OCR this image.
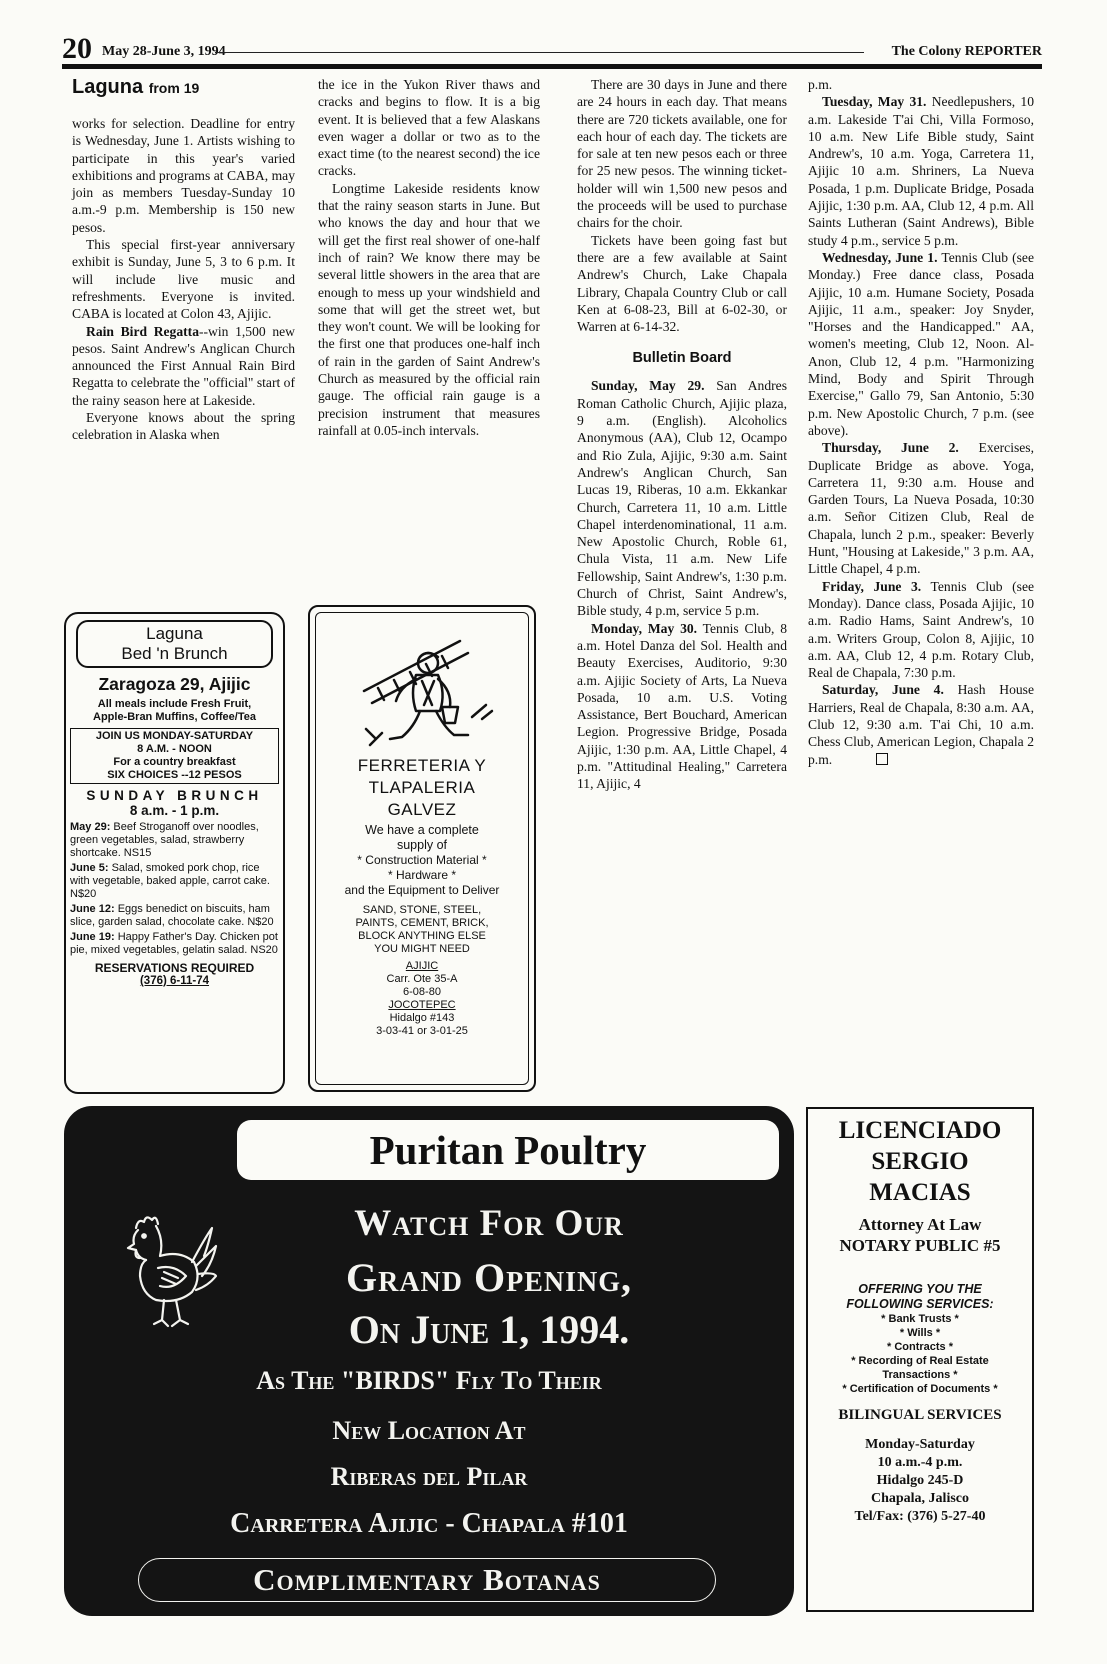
20 May 28-June 3, 1994	The Colony REPORTER
Laguna from 19

works for selection. Deadline for entry is Wednesday, June 1. Artists wishing to participate in this year's varied exhibitions and programs at CABA, may join as members Tuesday-Sunday 10 a.m.-9 p.m. Membership is 150 new pesos.

This special first-year anniversary exhibit is Sunday, June 5, 3 to 6 p.m. It will include live music and refreshments. Everyone is invited. CABA is located at Colon 43, Ajijic.

Rain Bird Regatta--win 1,500 new pesos. Saint Andrew's Anglican Church announced the First Annual Rain Bird Regatta to celebrate the "official" start of the rainy season here at Lakeside.

Everyone knows about the spring celebration in Alaska when

the ice in the Yukon River thaws and cracks and begins to flow. It is a big event. It is believed that a few Alaskans even wager a dollar or two as to the exact time (to the nearest second) the ice cracks.

Longtime Lakeside residents know that the rainy season starts in June. But who knows the day and hour that we will get the first real shower of one-half inch of rain? We know there may be several little showers in the area that are enough to mess up your windshield and some that will get the street wet, but they won't count. We will be looking for the first one that produces one-half inch of rain in the garden of Saint Andrew's Church as measured by the official rain gauge. The official rain gauge is a precision instrument that measures rainfall at 0.05-inch intervals.

There are 30 days in June and there are 24 hours in each day. That means there are 720 tickets available, one for each hour of each day. The tickets are for sale at ten new pesos each or three for 25 new pesos. The winning ticket-holder will win 1,500 new pesos and the proceeds will be used to purchase chairs for the choir.

Tickets have been going fast but there are a few available at Saint Andrew's Church, Lake Chapala Library, Chapala Country Club or call Ken at 6-08-23, Bill at 6-02-30, or Warren at 6-14-32.

Bulletin Board

Sunday, May 29. San Andres Roman Catholic Church, Ajijic plaza, 9 a.m. (English). Alcoholics Anonymous (AA), Club 12, Ocampo and Rio Zula, Ajijic, 9:30 a.m. Saint Andrew's Anglican Church, San Lucas 19, Riberas, 10 a.m. Ekkankar Church, Carretera 11, 10 a.m. Little Chapel interdenominational, 11 a.m. New Apostolic Church, Roble 61, Chula Vista, 11 a.m. New Life Fellowship, Saint Andrew's, 1:30 p.m. Church of Christ, Saint Andrew's, Bible study, 4 p.m, service 5 p.m.

Monday, May 30. Tennis Club, 8 a.m. Hotel Danza del Sol. Health and Beauty Exercises, Auditorio, 9:30 a.m. Ajijic Society of Arts, La Nueva Posada, 10 a.m. U.S. Voting Assistance, Bert Bouchard, American Legion. Progressive Bridge, Posada Ajijic, 1:30 p.m. AA, Little Chapel, 4 p.m. "Attitudinal Healing," Carretera 11, Ajijic, 4

p.m.

Tuesday, May 31. Needlepushers, 10 a.m. Lakeside T'ai Chi, Villa Formoso, 10 a.m. New Life Bible study, Saint Andrew's, 10 a.m. Yoga, Carretera 11, Ajijic 10 a.m. Shriners, La Nueva Posada, 1 p.m. Duplicate Bridge, Posada Ajijic, 1:30 p.m. AA, Club 12, 4 p.m. All Saints Lutheran (Saint Andrews), Bible study 4 p.m., service 5 p.m.

Wednesday, June 1. Tennis Club (see Monday.) Free dance class, Posada Ajijic, 10 a.m. Humane Society, Posada Ajijic, 11 a.m., speaker: Joy Snyder, "Horses and the Handicapped." AA, women's meeting, Club 12, Noon. Al-Anon, Club 12, 4 p.m. "Harmonizing Mind, Body and Spirit Through Exercise," Gallo 79, San Antonio, 5:30 p.m. New Apostolic Church, 7 p.m. (see above).

Thursday, June 2. Exercises, Duplicate Bridge as above. Yoga, Carretera 11, 9:30 a.m. House and Garden Tours, La Nueva Posada, 10:30 a.m. Señor Citizen Club, Real de Chapala, lunch 2 p.m., speaker: Beverly Hunt, "Housing at Lakeside," 3 p.m. AA, Little Chapel, 4 p.m.

Friday, June 3. Tennis Club (see Monday). Dance class, Posada Ajijic, 10 a.m. Radio Hams, Saint Andrew's, 10 a.m. Writers Group, Colon 8, Ajijic, 10 a.m. AA, Club 12, 4 p.m. Rotary Club, Real de Chapala, 7:30 p.m.

Saturday, June 4. Hash House Harriers, Real de Chapala, 8:30 a.m. AA, Club 12, 9:30 a.m. T'ai Chi, 10 a.m. Chess Club, American Legion, Chapala 2 p.m.

Laguna
Bed 'n Brunch
Zaragoza 29, Ajijic
All meals include Fresh Fruit,
Apple-Bran Muffins, Coffee/Tea
JOIN US MONDAY-SATURDAY
8 A.M. - NOON
For a country breakfast
SIX CHOICES --12 PESOS
SUNDAY BRUNCH
8 a.m. - 1 p.m.
May 29: Beef Stroganoff over noodles, green vegetables, salad, strawberry shortcake. NS15
June 5: Salad, smoked pork chop, rice with vegetable, baked apple, carrot cake. N$20
June 12: Eggs benedict on biscuits, ham slice, garden salad, chocolate cake. N$20
June 19: Happy Father's Day. Chicken pot pie, mixed vegetables, gelatin salad. NS20
RESERVATIONS REQUIRED
(376) 6-11-74
FERRETERIA Y
TLAPALERIA
GALVEZ
We have a complete
supply of
* Construction Material *
* Hardware *
and the Equipment to Deliver
SAND, STONE, STEEL,
PAINTS, CEMENT, BRICK,
BLOCK ANYTHING ELSE
YOU MIGHT NEED
AJIJIC
Carr. Ote 35-A
6-08-80
JOCOTEPEC
Hidalgo #143
3-03-41 or 3-01-25
Puritan Poultry
Watch For Our
Grand Opening,
On June 1, 1994.
As The "BIRDS" Fly To Their
New Location At
Riberas del Pilar
Carretera Ajijic - Chapala #101
Complimentary Botanas
LICENCIADO
SERGIO
MACIAS
Attorney At Law
NOTARY PUBLIC #5
OFFERING YOU THE
FOLLOWING SERVICES:
* Bank Trusts *
* Wills *
* Contracts *
* Recording of Real Estate
Transactions *
* Certification of Documents *
BILINGUAL SERVICES
Monday-Saturday
10 a.m.-4 p.m.
Hidalgo 245-D
Chapala, Jalisco
Tel/Fax: (376) 5-27-40
